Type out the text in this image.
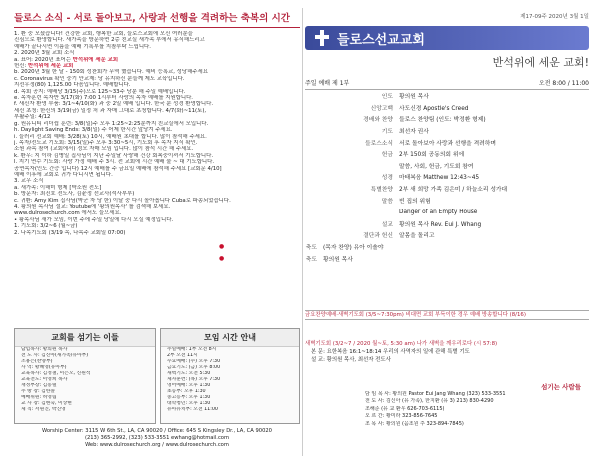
들로스 소식 - 서로 돌아보고, 사랑과 선행을 격려하는 축복의 시간
1. 환 중 모셨습니다! 건강한 교회, 행복한 교회, 들로스교회에 오신 여러분을
진심으로 환영합니다. 새가족을 방문하면 2층 친교실 새가족 부에서 유식해드리고
예배가 끝나시면 이름을 예배 기록부를 지참부탁 드립니다.
2. 2020년 3월 교회 소식
a. 표어: 2020년 표어는 반석위에 세운 교회
헌신: 반석위에 세운 교회
b. 2020년 3월 한 달 - 150회 성찬회가 무역 했습니다. 예비 등록교, 성당해주세요
c. Coronavirus 확인 중기 안교제: 당 유지하신 분들께 제도 교육입니다.
지선우정(80) 1,125.00 다음입니다. 예배합니다.
d. 목회 공지: 예배당 3/15(주)으로 125~33주 당분 해 주일 예배입니다.
e. 목자훈련 목자반 3/17(화) 7:00 1시부터 사랑의 목자 예배를 지원합니다.
f. 새신자 환영 부품: 3/1~4/10(화) 과 중 2일 예배 입니다. 한국 분 성경 환영합니다.
세신 초청: 한신의 3/19(금) 일정 처 과 자매 그대로 초청합니다. 4/7(화)~11(토),
부활주일: 4/12
g. 원유니티 리더쉽 훈련: 3/8(일)주 오후 1:25~2:25분까지 친교실에서 모입니다.
h. Daylight Saving Ends: 3/8(일) 주 어제 한시간 앞당겨 주세요.
i. 들러리 선교회 예배: 3/28(토) 10시, 예배원 초대를 합니다. 많이 참석해 주세요.
j. 목자/전도교 기도회: 3/15(일)주 오후 3:30~5시, 기도회 후 목자 지식 확인.
소원 과목 참여 (교회에서) 정오 자매 모임 입니다. 많이 참석 시간 해 주세요.
k. 환우: 지 이하 김병일 집사님이 지난 주일날 사랑해 건강 회복중이셔서 기도합니다.
l. 지기 연수 기도회: 사랑 가정 예배 주 3시. 전 교회에 시간 예배 물 ~ 대 기도합니다.
공연목자(인도 간증 입니다) 12시 예배를 주 금요일 예배에 참석해 주세요 [교회문 4/10]
예배 이후에 교회로 귀가 다니시면 됩니다.
3. 교우 소식
a. 새가족: 이해미 형제 [박소원 전도]
b. 방문자: 최진호 전도사, 김윤정 선교사(석사부부)
c. 귀환: Amy Kim 집사님(박군 자 당 한) 이달 중 다시 돌아옵니다 Cuba로 파송되었습니다.
4. 황의원 목사님 설교: Youtube에 '황의원목사' 를 검색해 보세요.
www.dulrosechurch.com 에서도 들으세요.
• 황목사님 새가 모임, 이번 주에 주일 당일에 다시 오실 예정입니다.
1. 기도회: 3/2~6 (월~금)
2. 나목기도회 (3/19 목, 나목주 교회일 07:00)
교회를 섬기는 이들
담임목사: 황의원 목사
전 도 사: 김신아(새가족/유아부)
조용은(찬양부)
사 역: 황혜영(유아부)
교육목사: 김정철, 이은오, 신원석
교육전도: 이영희 목사
재정부장: 김동렬
주 방 장: 김한솔
예배위원: 허영림
교 사 장: 김현숙, 이상현
제 직: 서원진, 박진영
모임 시간 안내
주일예배: 1부 오전 8시
2부 오전 11시
수요예배: (수) 오후 7:30
금요기도: (금) 오후 8:00
새벽기도: 오전 5:30
제자훈련: (목) 오후 7:30
영어예배: 오후 1:30
초등부: 오후 1:30
중고등부: 오후 1:30
대학청년: 오후 1:30
유아유치부: 오전 11:00
Worship Center: 3115 W 6th St., LA, CA 90020 / Office: 645 S Kingsley Dr., LA, CA 90020
(213) 365-2992, (323) 533-3551 ewhang@hotmail.com
Web: www.dulrosechurch.org / www.dulrosechurch.com
제17-09주 2020년 3월 1일
들로스선교교회
반석위에 세운 교회!
주일 예배 제 1부	오전 8:00 / 11:00
인도	황의원 목사
신앙고백	사도신경 Apostle's Creed
경배와 찬양	들로스 찬양팀 (인도: 박정환 형제)
기도	최선자 권사
들로스소식	서로 돌아보아 사랑과 선행을 격려하며
헌금	2부 150회 공동의회 위에
말씀, 사회, 헌금, 기도회 참여
성경	마태복음 Matthew 12:43~45
특별찬양	2부 새 희망 가족 김은미 / 하늘소리 성가대
말씀	빈 집의 위험
Danger of an Empty House
설교	황의원 목사 Rev. Eui J. Whang
결단과 헌신	알몸을 돌리고
●	축도	(목자 찬양) 유아 이솔야
●	축도	황의원 목사
금요찬양예배·새벽기도회 (3/5~7:30pm) 비대면 교회 부득이한 경우 예배 방송합니다 (8/16)
새벽기도회 (3/2~7 / 2020 월~토, 5:30 am) 나가 새벽을 깨우리로다 (시 57:8)
본 문: 요한복음 16:1~18:14 우리의 사역자의 일에 관해 특별 기도
설 교: 황의원 목사, 최선자 전도사
섬기는 사람들
담 임 목 사: 황의원 Pastor Eui Jang Whang (323) 533-3551
전 도 사: 김신아 (유 가족), 한지환 (유 3) 213) 830-4290
조해준 (유 교 환우 626-703-6115)
오 르 간: 황미라 323-856-7645
조 목 사: 황의원 (음조원 주 323-894-7845)
